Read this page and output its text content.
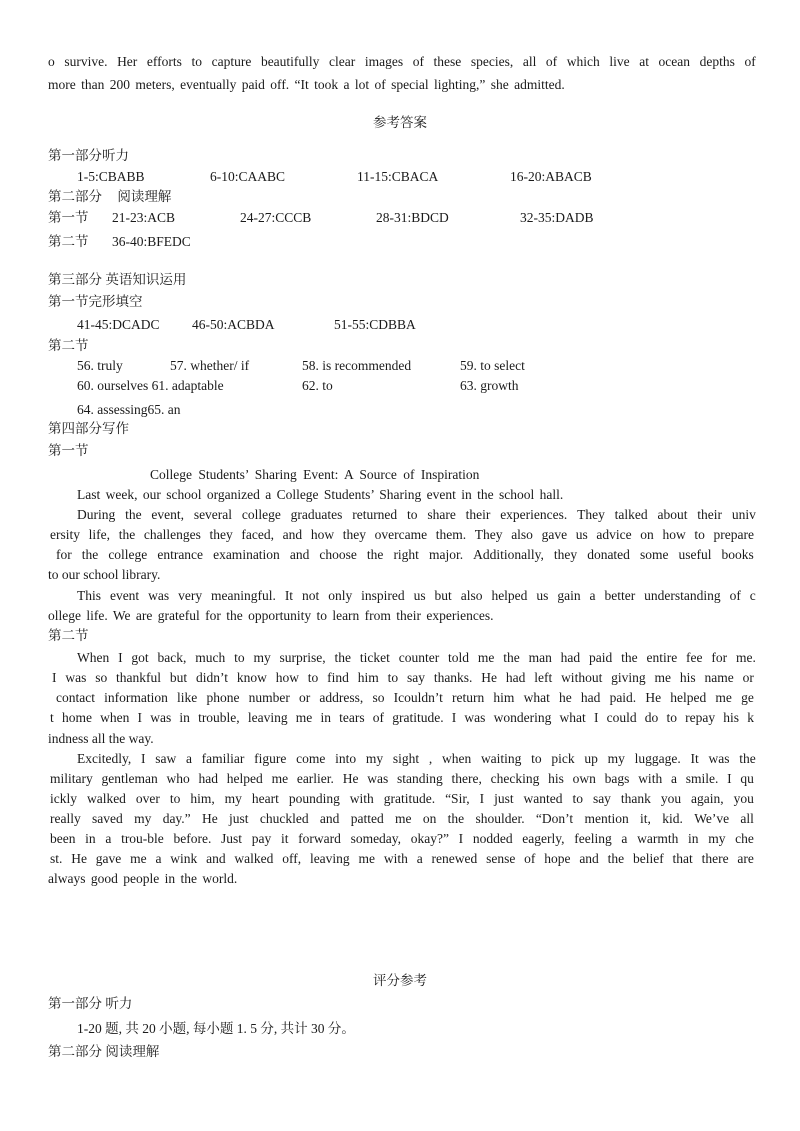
o survive. Her efforts to capture beautifully clear images of these species, all of which live at ocean depths of
more than 200 meters, eventually paid off. “It took a lot of special lighting,” she admitted.
参考答案
第一部分听力
1-5:CBABB	6-10:CAABC	11-15:CBACA	16-20:ABACB
第二部分 阅读理解
第一节 21-23:ACB	24-27:CCCB	28-31:BDCD	32-35:DADB
第二节 36-40:BFEDC
第三部分 英语知识运用
第一节完形填空
41-45:DCADC 46-50:ACBDA	51-55:CDBBA
第二节
56. truly	57. whether/ if	58. is recommended	59. to select
60. ourselves 61. adaptable	62. to	63. growth
64. assessing65. an
第四部分写作
第一节
College Students’ Sharing Event: A Source of Inspiration
Last week, our school organized a College Students’ Sharing event in the school hall.
During the event, several college graduates returned to share their experiences. They talked about their univ
ersity life, the challenges they faced, and how they overcame them. They also gave us advice on how to prepare
for the college entrance examination and choose the right major. Additionally, they donated some useful books
to our school library.
This event was very meaningful. It not only inspired us but also helped us gain a better understanding of c
ollege life. We are grateful for the opportunity to learn from their experiences.
第二节
When I got back, much to my surprise, the ticket counter told me the man had paid the entire fee for me.
I was so thankful but didn’t know how to find him to say thanks. He had left without giving me his name or
contact information like phone number or address, so Icouldn’t return him what he had paid. He helped me ge
t home when I was in trouble, leaving me in tears of gratitude. I was wondering what I could do to repay his k
indness all the way.
Excitedly, I saw a familiar figure come into my sight , when waiting to pick up my luggage. It was the
military gentleman who had helped me earlier. He was standing there, checking his own bags with a smile. I qu
ickly walked over to him, my heart pounding with gratitude. “Sir, I just wanted to say thank you again, you
really saved my day.” He just chuckled and patted me on the shoulder. “Don’t mention it, kid. We’ve all
been in a trou-ble before. Just pay it forward someday, okay?” I nodded eagerly, feeling a warmth in my che
st. He gave me a wink and walked off, leaving me with a renewed sense of hope and the belief that there are
always good people in the world.
评分参考
第一部分 听力
1-20 题, 共 20 小题, 每小题 1. 5 分, 共计 30 分。
第二部分 阅读理解
